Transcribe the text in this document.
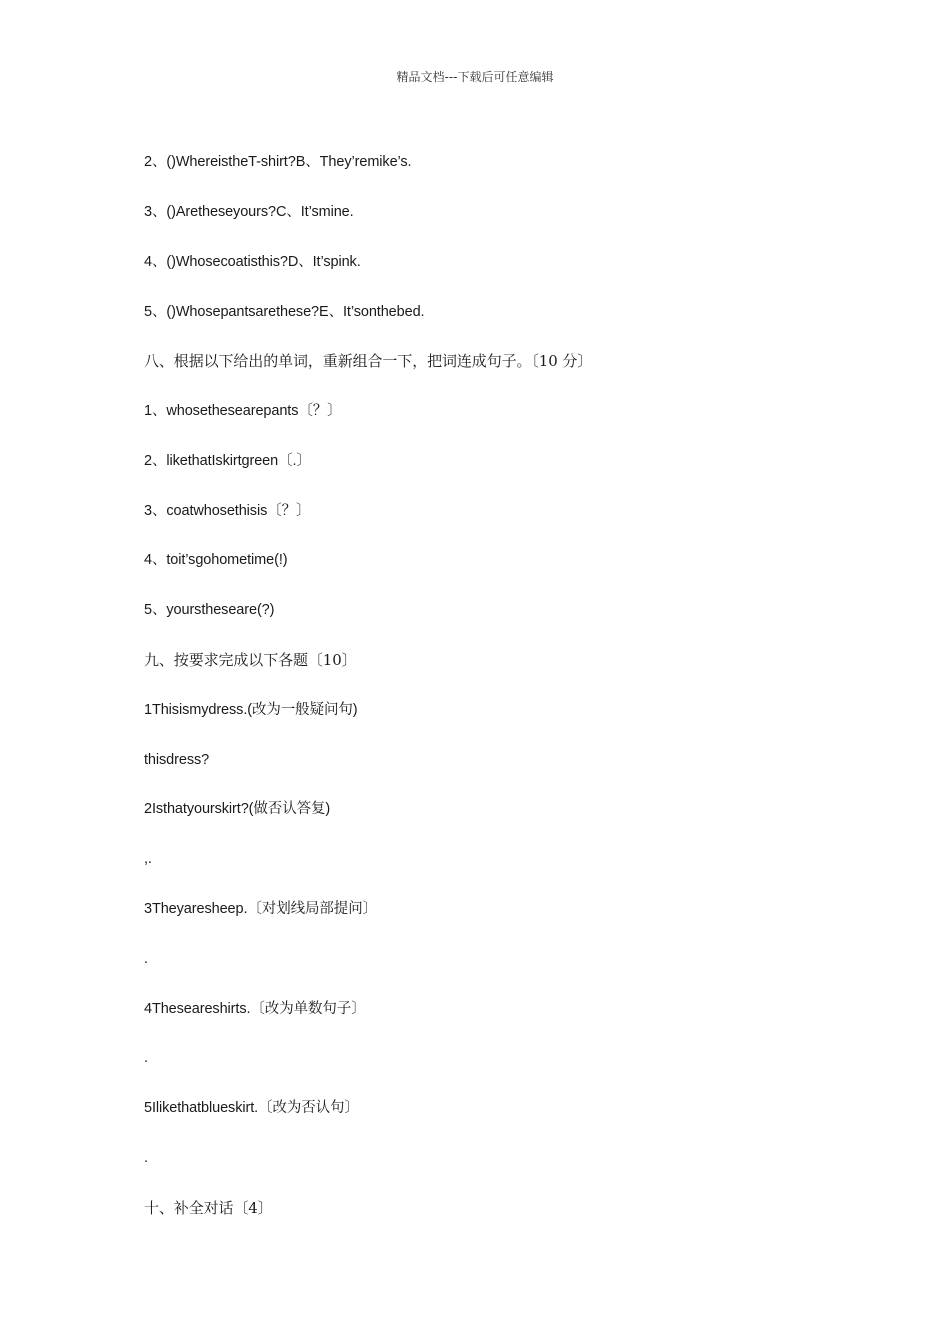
精品文档---下载后可任意编辑
2、()WhereistheT-shirt?B、They’remike’s.
3、()Aretheseyours?C、It’smine.
4、()Whosecoatisthis?D、It’spink.
5、()Whosepantsarethese?E、It’sonthebed.
八、根据以下给出的单词，重新组合一下，把词连成句子。〔10 分〕
1、whosethesearepants〔？〕
2、likethatIskirtgreen〔.〕
3、coatwhosethisis〔？〕
4、toit’sgohometime(!)
5、yourstheseare(?)
九、按要求完成以下各题〔10〕
1Thisismydress.(改为一般疑问句)
thisdress?
2Isthatyourskirt?(做否认答复)
,.
3Theyaresheep.〔对划线局部提问〕
.
4Theseareshirts.〔改为单数句子〕
.
5Ilikethatblueskirt.〔改为否认句〕
.
十、补全对话〔4〕
